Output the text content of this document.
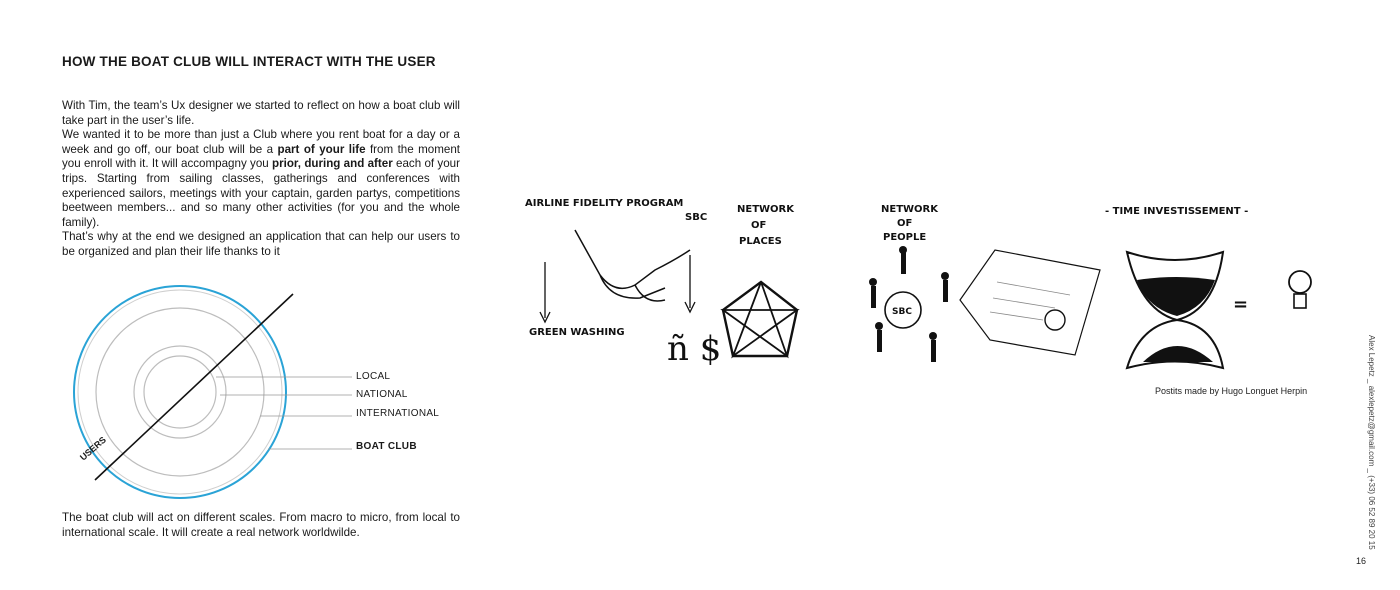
HOW THE BOAT CLUB WILL INTERACT WITH THE USER
With Tim, the team’s Ux designer we started to reflect on how a boat club will take part in the user’s life.
We wanted it to be more than just a Club where you rent boat for a day or a week and go off, our boat club will be a part of your life from the moment you enroll with it. It will accompagny you prior, during and after each of your trips. Starting from sailing classes, gatherings and conferences with experienced sailors, meetings with your captain, garden partys, competitions beetween members... and so many other activities (for you and the whole family).
That’s why at the end we designed an application that can help our users to be organized and plan their life thanks to it
LOCAL
NATIONAL
INTERNATIONAL
BOAT CLUB
USERS
The boat club will act on different scales. From macro to micro, from local to international scale. It will create a real network worldwilde.
AIRLINE FIDELITY PROGRAM
GREEN WASHING ñ $
SBC
NETWORK
OF
PLACES
NETWORK
OF
PEOPLE
SBC
- TIME INVESTISSEMENT -
=
Postits made by Hugo Longuet Herpin	Alex Lepetz _ alexlepetz@gmail.com _ (+33) 06 52 89 20 15
16
